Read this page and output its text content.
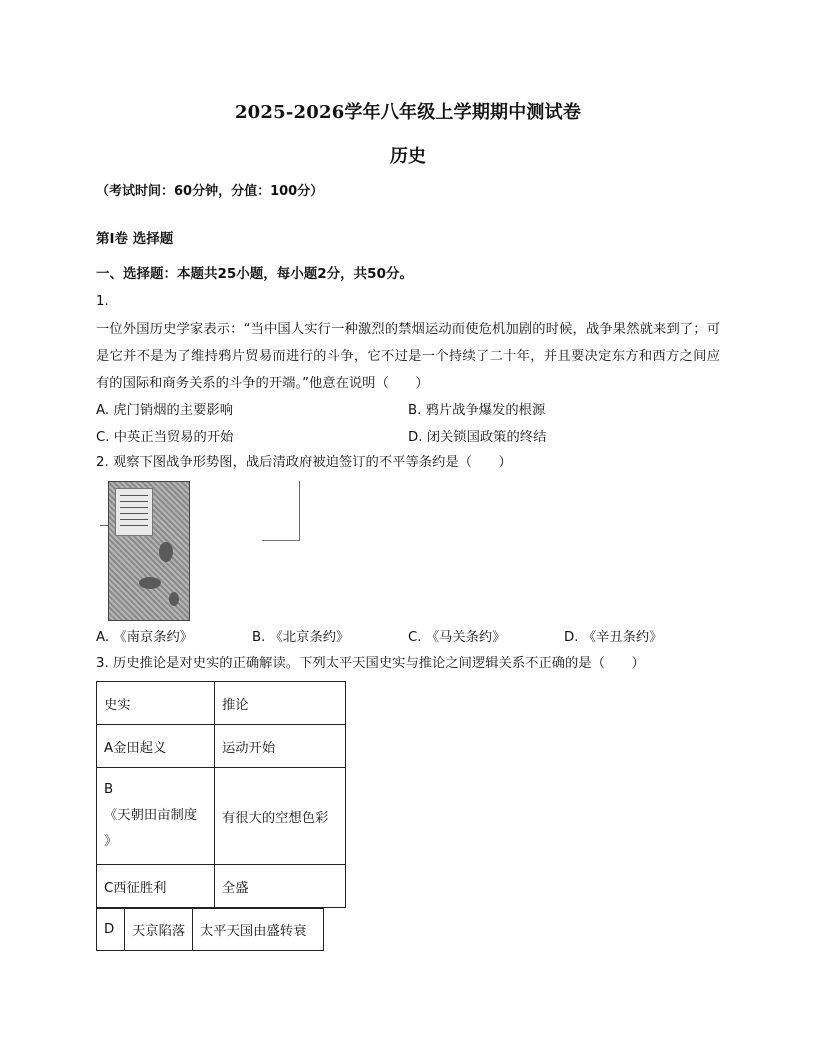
2025-2026学年八年级上学期期中测试卷
历史
（考试时间：60分钟，分值：100分）
第Ⅰ卷 选择题
一、选择题：本题共25小题，每小题2分，共50分。
1.
一位外国历史学家表示：“当中国人实行一种激烈的禁烟运动而使危机加剧的时候，战争果然就来到了；可是它并不是为了维持鸦片贸易而进行的斗争，它不过是一个持续了二十年，并且要决定东方和西方之间应有的国际和商务关系的斗争的开端。”他意在说明（　　）
A. 虎门销烟的主要影响	B. 鸦片战争爆发的根源
C. 中英正当贸易的开始	D. 闭关锁国政策的终结
2. 观察下图战争形势图，战后清政府被迫签订的不平等条约是（　　）
A. 《南京条约》	B. 《北京条约》	C. 《马关条约》	D. 《辛丑条约》
3. 历史推论是对史实的正确解读。下列太平天国史实与推论之间逻辑关系不正确的是（　　）
史实	推论
A金田起义	运动开始

B
《天朝田亩制度
》	有很大的空想色彩
C西征胜利	全盛
D	天京陷落	太平天国由盛转衰
